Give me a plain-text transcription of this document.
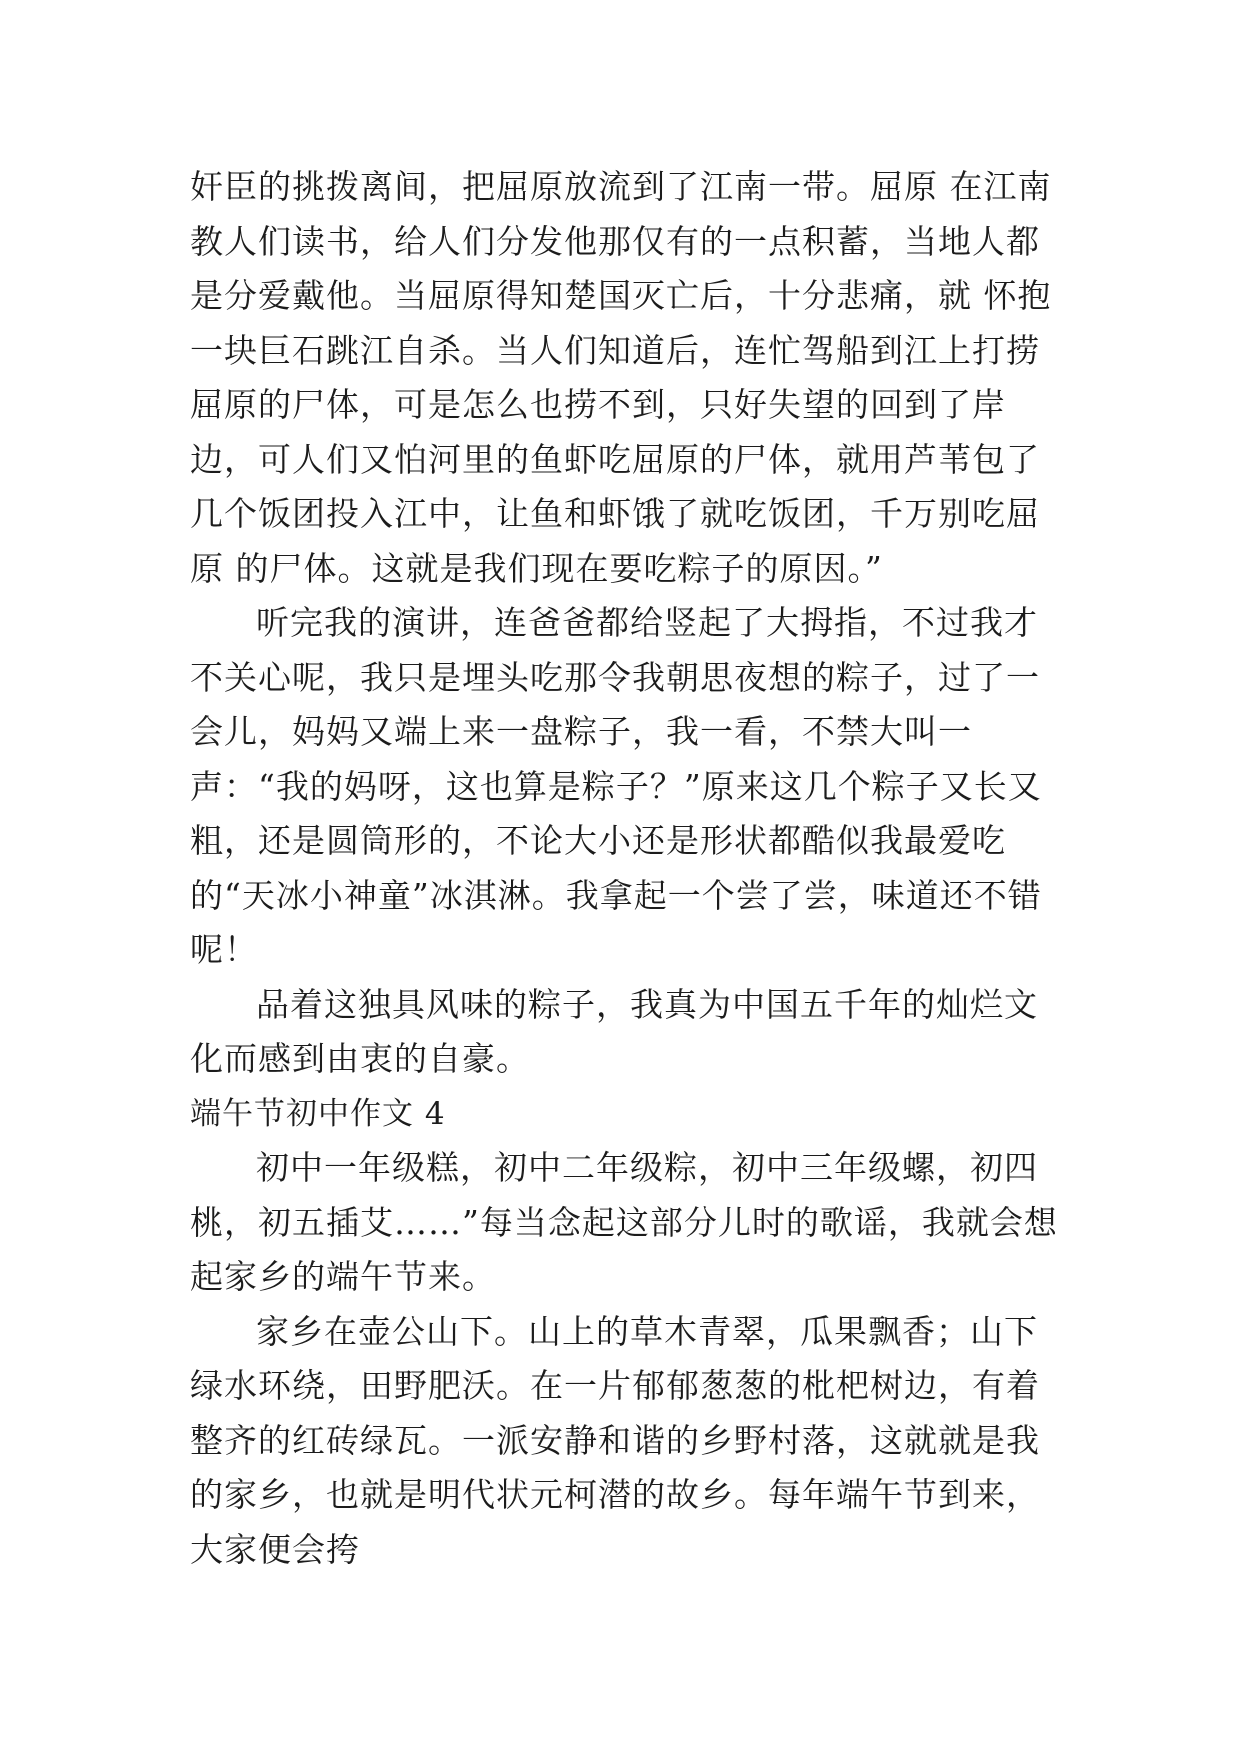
奸臣的挑拨离间，把屈原放流到了江南一带。屈原 在江南教人们读书，给人们分发他那仅有的一点积蓄，当地人都是分爱戴他。当屈原得知楚国灭亡后，十分悲痛，就 怀抱一块巨石跳江自杀。当人们知道后，连忙驾船到江上打捞屈原的尸体，可是怎么也捞不到，只好失望的回到了岸 边，可人们又怕河里的鱼虾吃屈原的尸体，就用芦苇包了几个饭团投入江中，让鱼和虾饿了就吃饭团，千万别吃屈原 的尸体。这就是我们现在要吃粽子的原因。”

听完我的演讲，连爸爸都给竖起了大拇指，不过我才不关心呢，我只是埋头吃那令我朝思夜想的粽子，过了一会儿，妈妈又端上来一盘粽子，我一看，不禁大叫一声：“我的妈呀，这也算是粽子？”原来这几个粽子又长又粗，还是圆筒形的，不论大小还是形状都酷似我最爱吃的“天冰小神童”冰淇淋。我拿起一个尝了尝，味道还不错呢！

品着这独具风味的粽子，我真为中国五千年的灿烂文化而感到由衷的自豪。

端午节初中作文 4

初中一年级糕，初中二年级粽，初中三年级螺，初四桃，初五插艾……”每当念起这部分儿时的歌谣，我就会想起家乡的端午节来。

家乡在壶公山下。山上的草木青翠，瓜果飘香；山下绿水环绕，田野肥沃。在一片郁郁葱葱的枇杷树边，有着整齐的红砖绿瓦。一派安静和谐的乡野村落，这就就是我的家乡，也就是明代状元柯潜的故乡。每年端午节到来，大家便会挎
